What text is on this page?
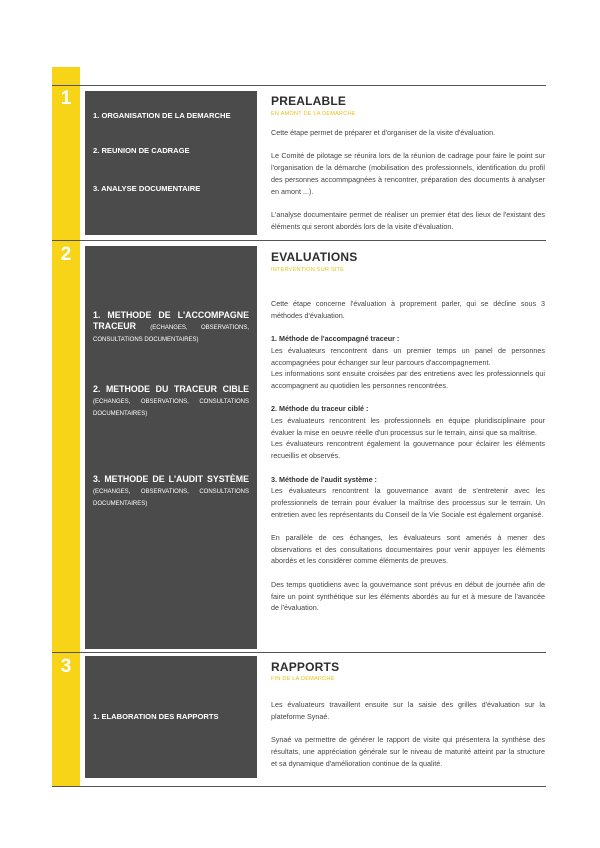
1
1. ORGANISATION DE LA DEMARCHE
2. REUNION DE CADRAGE
3. ANALYSE DOCUMENTAIRE
PREALABLE
EN AMONT DE LA DEMARCHE

Cette étape permet de préparer et d'organiser de la visite d'évaluation.

Le Comité de pilotage se réunira lors de la réunion de cadrage pour faire le point sur l'organisation de la démarche (mobilisation des professionnels, identification du profil des personnes accommpagnées à rencontrer, préparation des documents à analyser en amont ...).

L'analyse documentaire permet de réaliser un premier état des lieux de l'existant des éléments qui seront abordés lors de la visite d'évaluation.

2
1. METHODE DE L'ACCOMPAGNE TRACEUR (ECHANGES, OBSERVATIONS, CONSULTATIONS DOCUMENTAIRES)
2. METHODE DU TRACEUR CIBLE (ECHANGES, OBSERVATIONS, CONSULTATIONS DOCUMENTAIRES)
3. METHODE DE L'AUDIT SYSTÈME (ECHANGES, OBSERVATIONS, CONSULTATIONS DOCUMENTAIRES)
EVALUATIONS
INTERVENTION SUR SITE

Cette étape concerne l'évaluation à proprement parler, qui se décline sous 3 méthodes d'évaluation.

1. Méthode de l'accompagné traceur :

Les évaluateurs rencontrent dans un premier temps un panel de personnes accompagnées pour échanger sur leur parcours d'accompagnement.

Les informations sont ensuite croisées par des entretiens avec les professionnels qui accompagnent au quotidien les personnes rencontrées.

2. Méthode du traceur ciblé :

Les évaluateurs rencontrent les professionnels en équipe pluridisciplinaire pour évaluer la mise en oeuvre réelle d'un processus sur le terrain, ainsi que sa maîtrise.

Les évaluateurs rencontrent également la gouvernance pour éclairer les éléments recueillis et observés.

3. Méthode de l'audit système :

Les évaluateurs rencontrent la gouvernance avant de s'entretenir avec les professionnels de terrain pour évaluer la maîtrise des processus sur le terrain. Un entretien avec les représentants du Conseil de la Vie Sociale est également organisé.

En parallèle de ces échanges, les évaluateurs sont amenés à mener des observations et des consultations documentaires pour venir appuyer les éléments abordés et les considérer comme éléments de preuves.

Des temps quotidiens avec la gouvernance sont prévus en début de journée afin de faire un point synthétique sur les éléments abordés au fur et à mesure de l'avancée de l'évaluation.

3
1. ELABORATION DES RAPPORTS
RAPPORTS
FIN DE LA DEMARCHE

Les évaluateurs travaillent ensuite sur la saisie des grilles d'évaluation sur la plateforme Synaé.

Synaé va permettre de générer le rapport de visite qui présentera la synthèse des résultats, une appréciation générale sur le niveau de maturité atteint par la structure et sa dynamique d'amélioration continue de la qualité.
